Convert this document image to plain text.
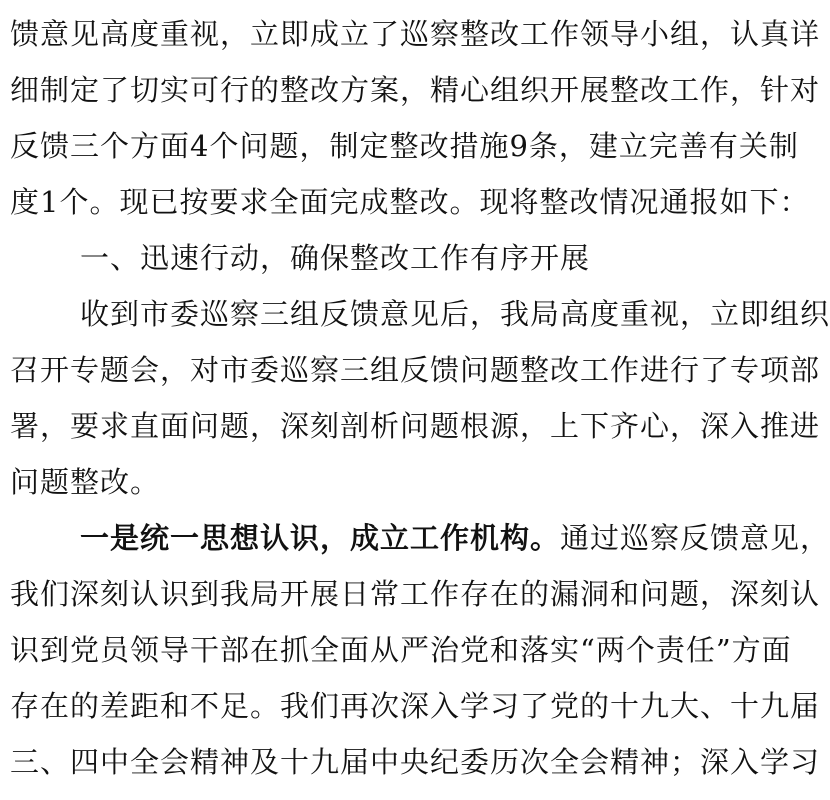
馈意见高度重视，立即成立了巡察整改工作领导小组，认真详
细制定了切实可行的整改方案，精心组织开展整改工作，针对
反馈三个方面4个问题，制定整改措施9条，建立完善有关制
度1个。现已按要求全面完成整改。现将整改情况通报如下：
一、迅速行动，确保整改工作有序开展
收到市委巡察三组反馈意见后，我局高度重视，立即组织
召开专题会，对市委巡察三组反馈问题整改工作进行了专项部
署，要求直面问题，深刻剖析问题根源，上下齐心，深入推进
问题整改。
一是统一思想认识，成立工作机构。通过巡察反馈意见，
我们深刻认识到我局开展日常工作存在的漏洞和问题，深刻认
识到党员领导干部在抓全面从严治党和落实“两个责任”方面
存在的差距和不足。我们再次深入学习了党的十九大、十九届
三、四中全会精神及十九届中央纪委历次全会精神；深入学习
